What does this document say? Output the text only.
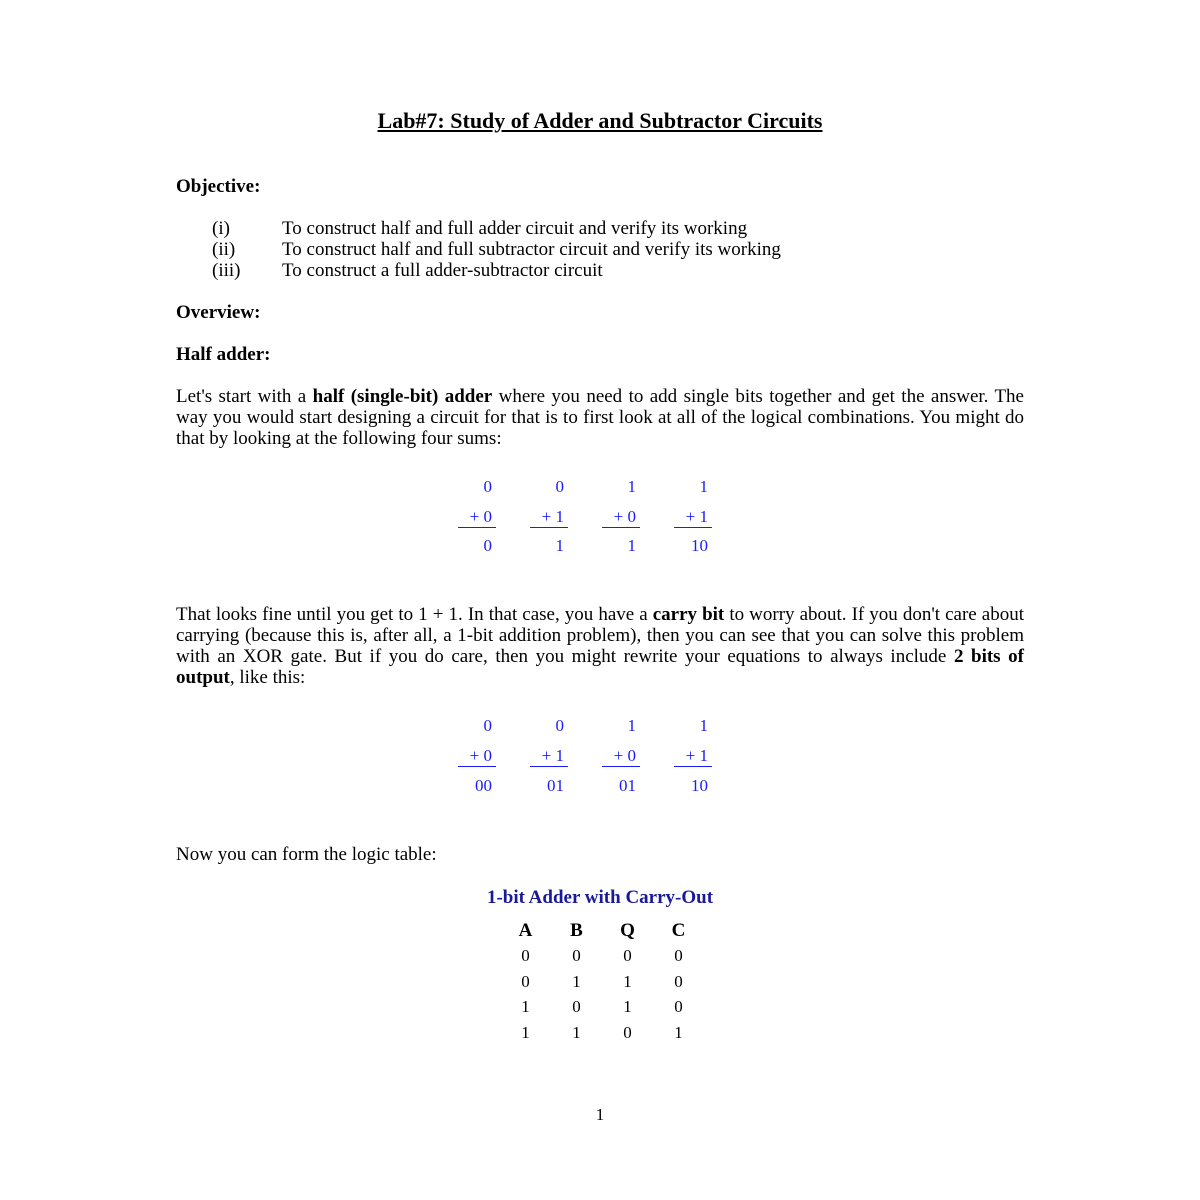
Lab#7: Study of Adder and Subtractor Circuits
Objective:
(i)	To construct half and full adder circuit and verify its working
(ii)	To construct half and full subtractor circuit and verify its working
(iii)	To construct a full adder-subtractor circuit
Overview:
Half adder:
Let's start with a half (single-bit) adder where you need to add single bits together and get the answer. The way you would start designing a circuit for that is to first look at all of the logical combinations. You might do that by looking at the following four sums:
0	0	1	1
+ 0	+ 1	+ 0	+ 1
0	1	1	10
That looks fine until you get to 1 + 1. In that case, you have a carry bit to worry about. If you don't care about carrying (because this is, after all, a 1-bit addition problem), then you can see that you can solve this problem with an XOR gate. But if you do care, then you might rewrite your equations to always include 2 bits of output, like this:
0	0	1	1
+ 0	+ 1	+ 0	+ 1
00	01	01	10
Now you can form the logic table:
1-bit Adder with Carry-Out
A	B	Q	C
0	0	0	0
0	1	1	0
1	0	1	0
1	1	0	1
1
